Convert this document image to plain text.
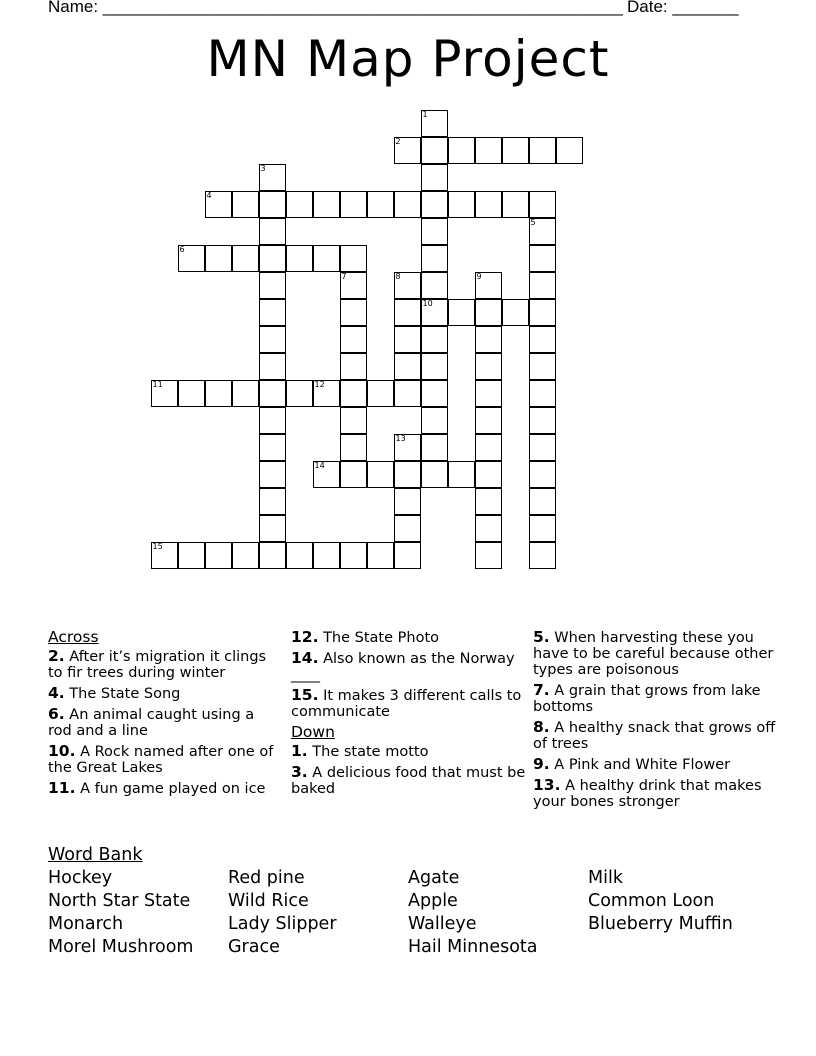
Name: _______________________________________________________ Date: _______
MN Map Project
1
10
2
3
4
5
6
7	8	9
11	12
13
14
15
Across
2. After it’s migration it clings to fir trees during winter
4. The State Song
6. An animal caught using a rod and a line
10. A Rock named after one of the Great Lakes
11. A fun game played on ice
12. The State Photo
14. Also known as the Norway ____
15. It makes 3 different calls to communicate
Down
1. The state motto
3. A delicious food that must be baked
5. When harvesting these you have to be careful because other types are poisonous
7. A grain that grows from lake bottoms
8. A healthy snack that grows off of trees
9. A Pink and White Flower
13. A healthy drink that makes your bones stronger
Word Bank
Hockey	Red pine	Agate	Milk
North Star State	Wild Rice	Apple	Common Loon
Monarch	Lady Slipper	Walleye	Blueberry Muffin
Morel Mushroom	Grace	Hail Minnesota
